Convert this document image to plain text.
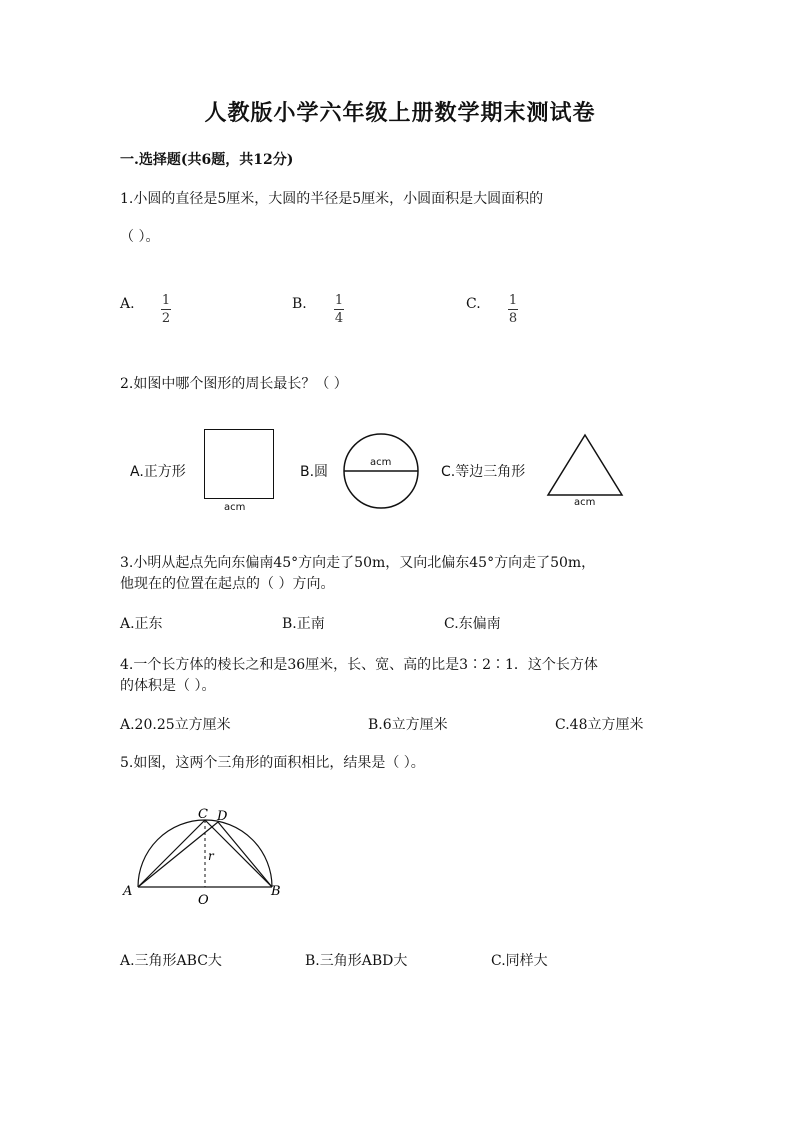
人教版小学六年级上册数学期末测试卷
一.选择题(共6题，共12分)
1.小圆的直径是5厘米，大圆的半径是5厘米，小圆面积是大圆面积的
（ ）。
A. $\frac{1}{2}$	B. $\frac{1}{4}$	C. $\frac{1}{8}$
2.如图中哪个图形的周长最长？（ ）
A.正方形
acm
B.圆
acm
C.等边三角形
acm
3.小明从起点先向东偏南45°方向走了50m，又向北偏东45°方向走了50m，
他现在的位置在起点的（ ）方向。
A.正东	B.正南	C.东偏南
4.一个长方体的棱长之和是36厘米，长、宽、高的比是3∶2∶1．这个长方体
的体积是（ ）。
A.20.25立方厘米	B.6立方厘米	C.48立方厘米
5.如图，这两个三角形的面积相比，结果是（ ）。
C D
A	B
O
r
A.三角形ABC大	B.三角形ABD大	C.同样大
